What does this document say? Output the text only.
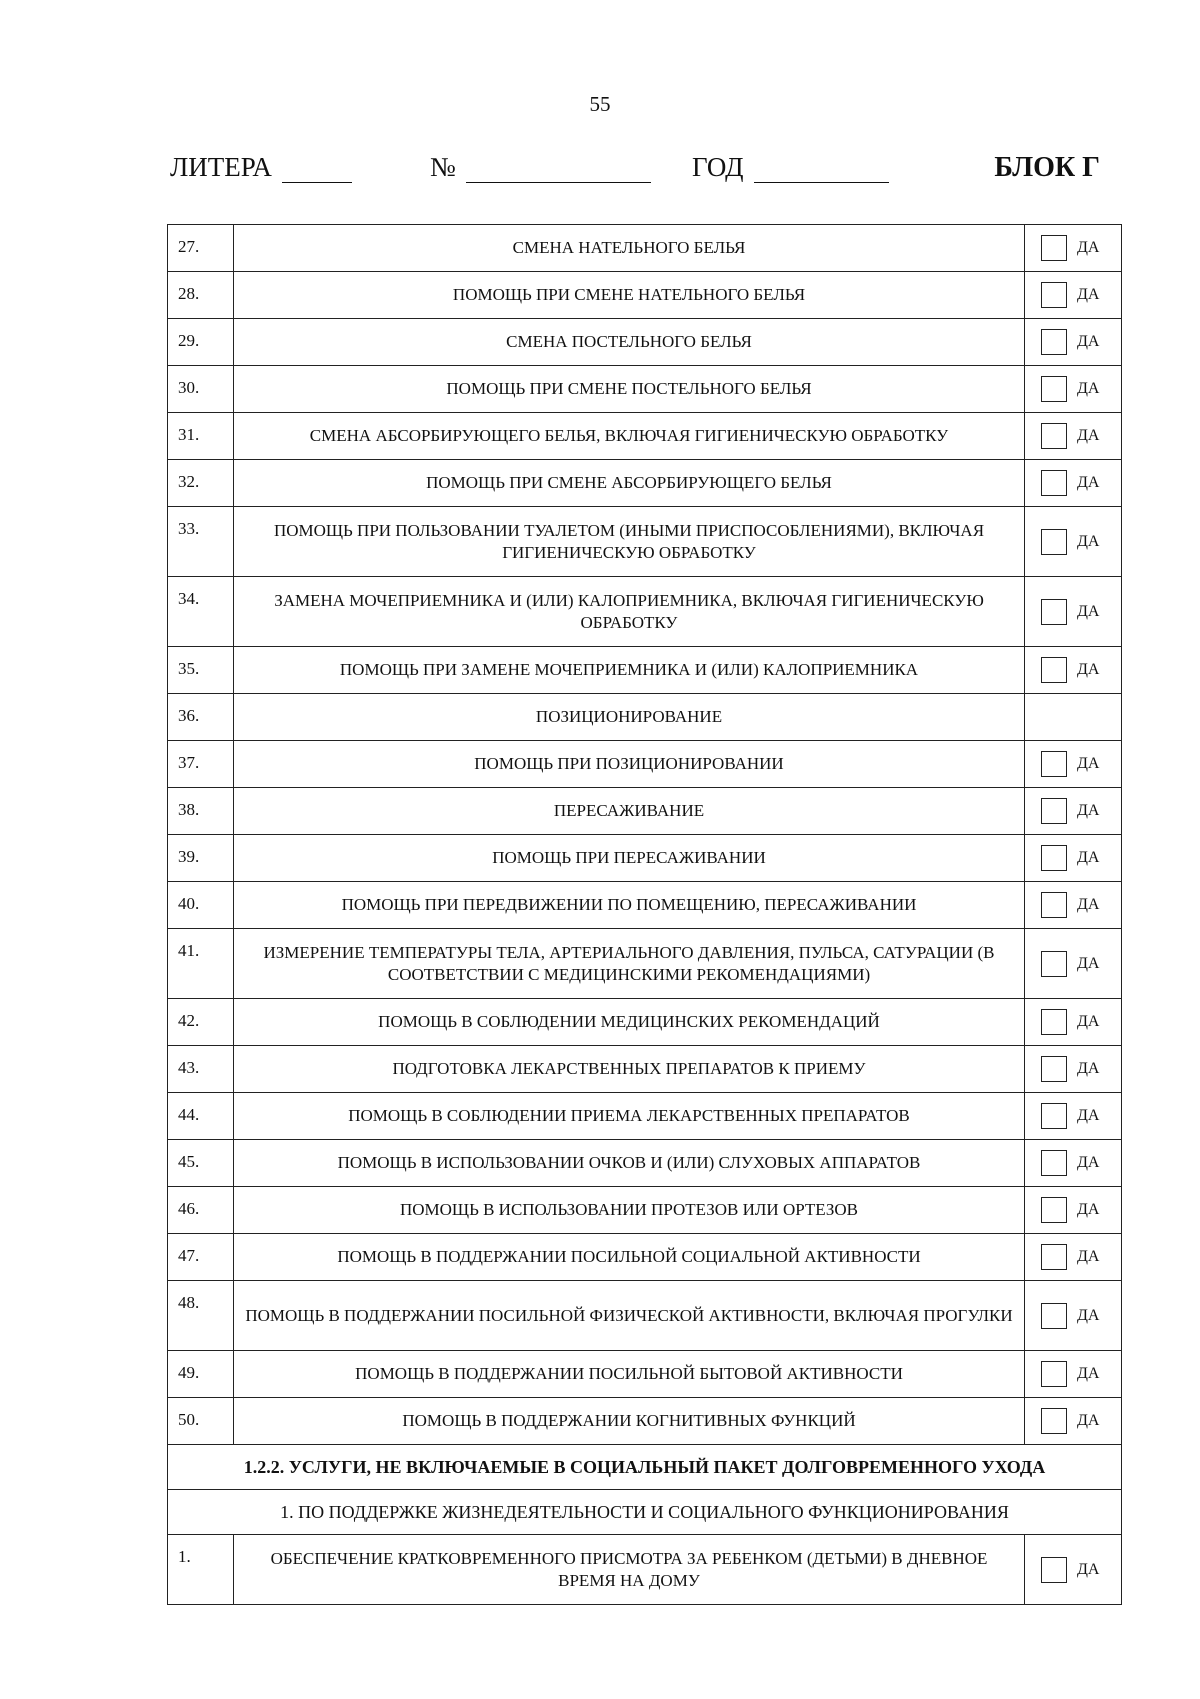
55
ЛИТЕРА	№	ГОД	БЛОК Г
27.	СМЕНА НАТЕЛЬНОГО БЕЛЬЯ	ДА

28.	ПОМОЩЬ ПРИ СМЕНЕ НАТЕЛЬНОГО БЕЛЬЯ	ДА

29.	СМЕНА ПОСТЕЛЬНОГО БЕЛЬЯ	ДА

30.	ПОМОЩЬ ПРИ СМЕНЕ ПОСТЕЛЬНОГО БЕЛЬЯ	ДА

31.	СМЕНА АБСОРБИРУЮЩЕГО БЕЛЬЯ, ВКЛЮЧАЯ ГИГИЕНИЧЕСКУЮ ОБРАБОТКУ	ДА

32.	ПОМОЩЬ ПРИ СМЕНЕ АБСОРБИРУЮЩЕГО БЕЛЬЯ	ДА

33.	ПОМОЩЬ ПРИ ПОЛЬЗОВАНИИ ТУАЛЕТОМ (ИНЫМИ ПРИСПОСОБЛЕНИЯМИ), ВКЛЮЧАЯ ГИГИЕНИЧЕСКУЮ ОБРАБОТКУ	ДА

34.	ЗАМЕНА МОЧЕПРИЕМНИКА И (ИЛИ) КАЛОПРИЕМНИКА, ВКЛЮЧАЯ ГИГИЕНИЧЕСКУЮ ОБРАБОТКУ	ДА

35.	ПОМОЩЬ ПРИ ЗАМЕНЕ МОЧЕПРИЕМНИКА И (ИЛИ) КАЛОПРИЕМНИКА	ДА

36.	ПОЗИЦИОНИРОВАНИЕ	
37.	ПОМОЩЬ ПРИ ПОЗИЦИОНИРОВАНИИ	ДА

38.	ПЕРЕСАЖИВАНИЕ	ДА

39.	ПОМОЩЬ ПРИ ПЕРЕСАЖИВАНИИ	ДА

40.	ПОМОЩЬ ПРИ ПЕРЕДВИЖЕНИИ ПО ПОМЕЩЕНИЮ, ПЕРЕСАЖИВАНИИ	ДА

41.	ИЗМЕРЕНИЕ ТЕМПЕРАТУРЫ ТЕЛА, АРТЕРИАЛЬНОГО ДАВЛЕНИЯ, ПУЛЬСА, САТУРАЦИИ (В СООТВЕТСТВИИ С МЕДИЦИНСКИМИ РЕКОМЕНДАЦИЯМИ)	ДА

42.	ПОМОЩЬ В СОБЛЮДЕНИИ МЕДИЦИНСКИХ РЕКОМЕНДАЦИЙ	ДА

43.	ПОДГОТОВКА ЛЕКАРСТВЕННЫХ ПРЕПАРАТОВ К ПРИЕМУ	ДА

44.	ПОМОЩЬ В СОБЛЮДЕНИИ ПРИЕМА ЛЕКАРСТВЕННЫХ ПРЕПАРАТОВ	ДА

45.	ПОМОЩЬ В ИСПОЛЬЗОВАНИИ ОЧКОВ И (ИЛИ) СЛУХОВЫХ АППАРАТОВ	ДА

46.	ПОМОЩЬ В ИСПОЛЬЗОВАНИИ ПРОТЕЗОВ ИЛИ ОРТЕЗОВ	ДА

47.	ПОМОЩЬ В ПОДДЕРЖАНИИ ПОСИЛЬНОЙ СОЦИАЛЬНОЙ АКТИВНОСТИ	ДА

48.	ПОМОЩЬ В ПОДДЕРЖАНИИ ПОСИЛЬНОЙ ФИЗИЧЕСКОЙ АКТИВНОСТИ, ВКЛЮЧАЯ ПРОГУЛКИ	ДА

49.	ПОМОЩЬ В ПОДДЕРЖАНИИ ПОСИЛЬНОЙ БЫТОВОЙ АКТИВНОСТИ	ДА

50.	ПОМОЩЬ В ПОДДЕРЖАНИИ КОГНИТИВНЫХ ФУНКЦИЙ	ДА

1.2.2. УСЛУГИ, НЕ ВКЛЮЧАЕМЫЕ В СОЦИАЛЬНЫЙ ПАКЕТ ДОЛГОВРЕМЕННОГО УХОДА		
1. ПО ПОДДЕРЖКЕ ЖИЗНЕДЕЯТЕЛЬНОСТИ И СОЦИАЛЬНОГО ФУНКЦИОНИРОВАНИЯ		
1.	ОБЕСПЕЧЕНИЕ КРАТКОВРЕМЕННОГО ПРИСМОТРА ЗА РЕБЕНКОМ (ДЕТЬМИ) В ДНЕВНОЕ ВРЕМЯ НА ДОМУ	ДА
